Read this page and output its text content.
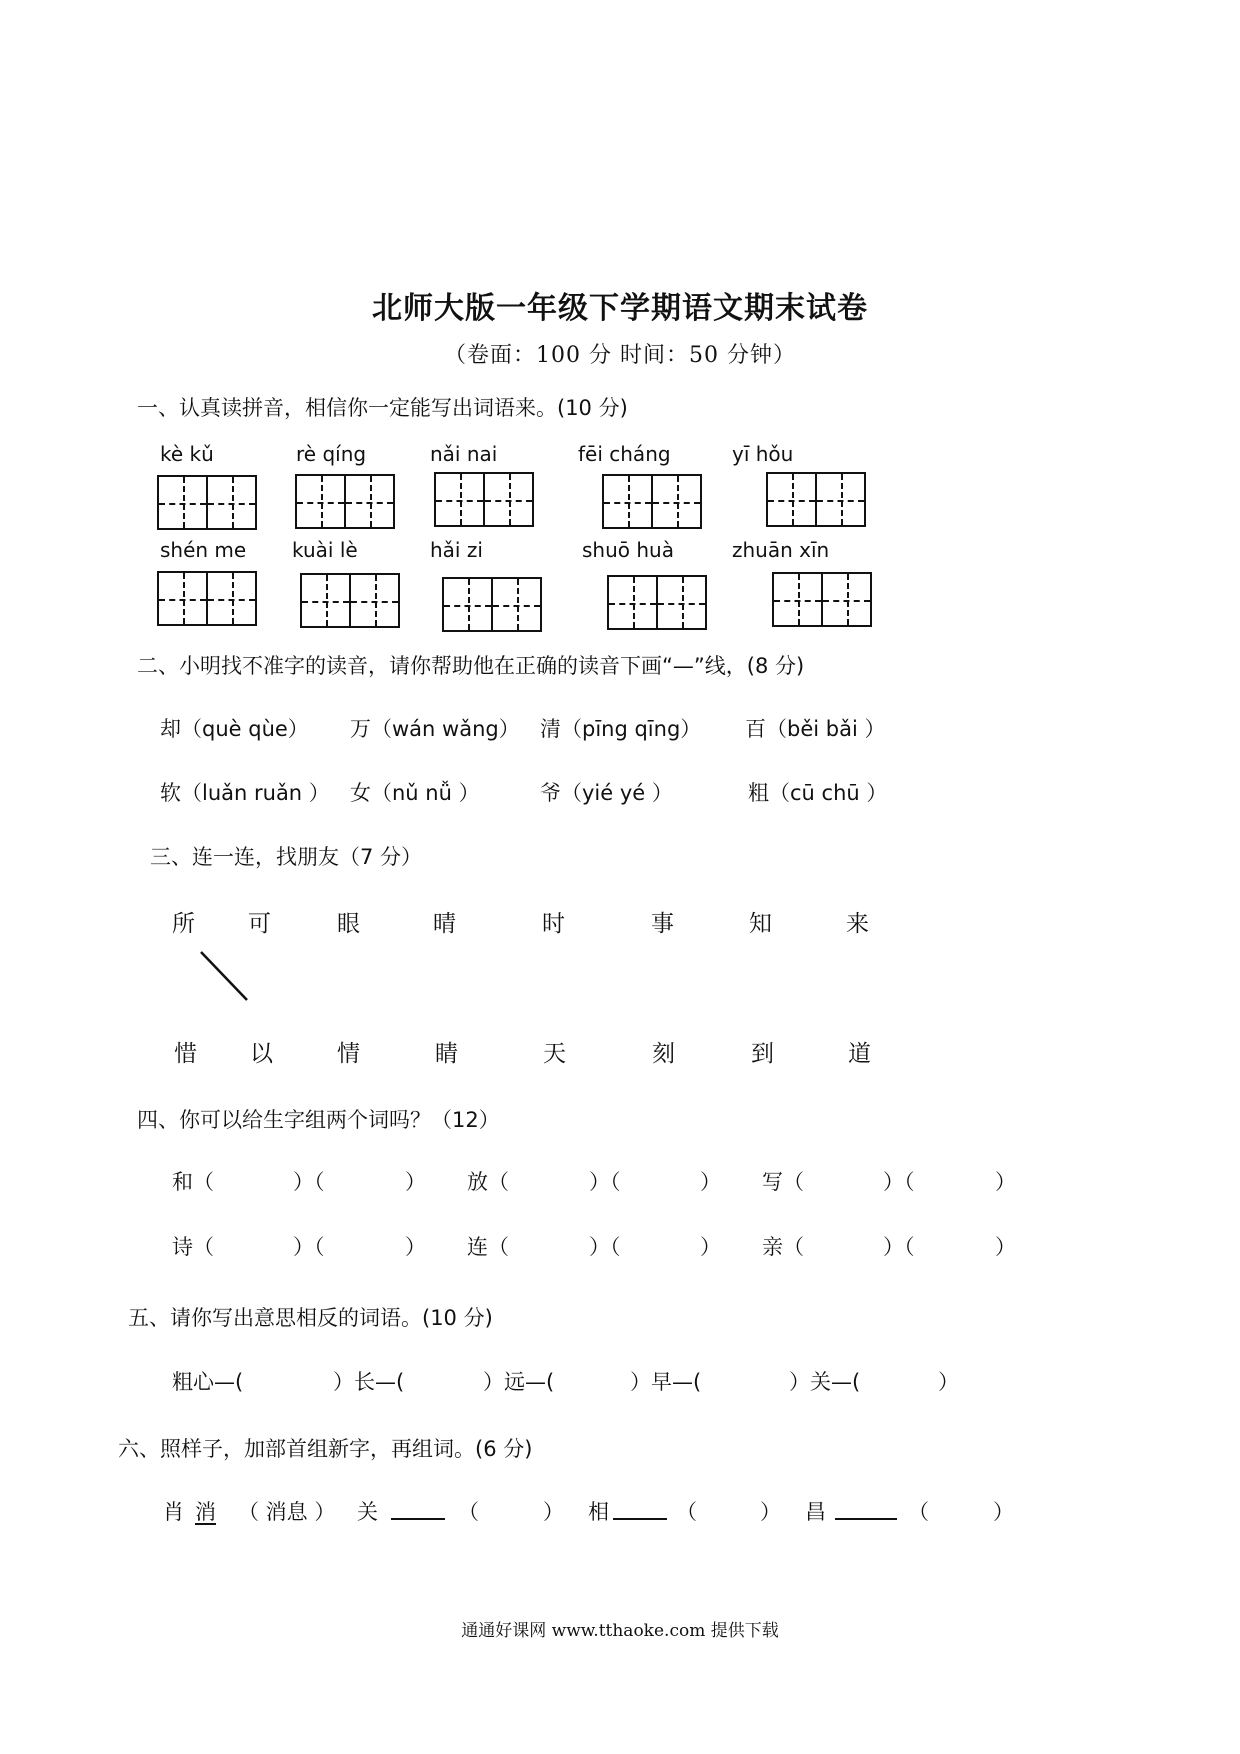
北师大版一年级下学期语文期末试卷
（卷面：100 分 时间：50 分钟）
一、认真读拼音，相信你一定能写出词语来。(10 分)
kè kǔ	rè qíng	nǎi nai	fēi cháng	yī hǒu
shén me kuài lè	hǎi zi	shuō huà	zhuān xīn
二、小明找不准字的读音，请你帮助他在正确的读音下画“—”线，(8 分)
却（què qùe） 万（wán wǎng） 清（pīng qīng） 百（běi bǎi ）
软（luǎn ruǎn ） 女（nǔ nǚ ）	爷（yié yé ）	粗（cū chū ）
三、连一连，找朋友（7 分）
所 可	眼	晴	时	事	知	来
惜 以	情	睛	天	刻	到	道
四、你可以给生字组两个词吗？（12）
和（	）（	） 放（	）（	） 写（	）（	）
诗（	）（	） 连（	）（	） 亲（	）（	）
五、请你写出意思相反的词语。(10 分)
粗心—(	）长—(	）远—(	）早—(	）关—(	）
六、照样子，加部首组新字，再组词。(6 分)
肖 消 （ 消息 ） 关	（	） 相	（	） 昌	（	）
通通好课网 www.tthaoke.com 提供下载
